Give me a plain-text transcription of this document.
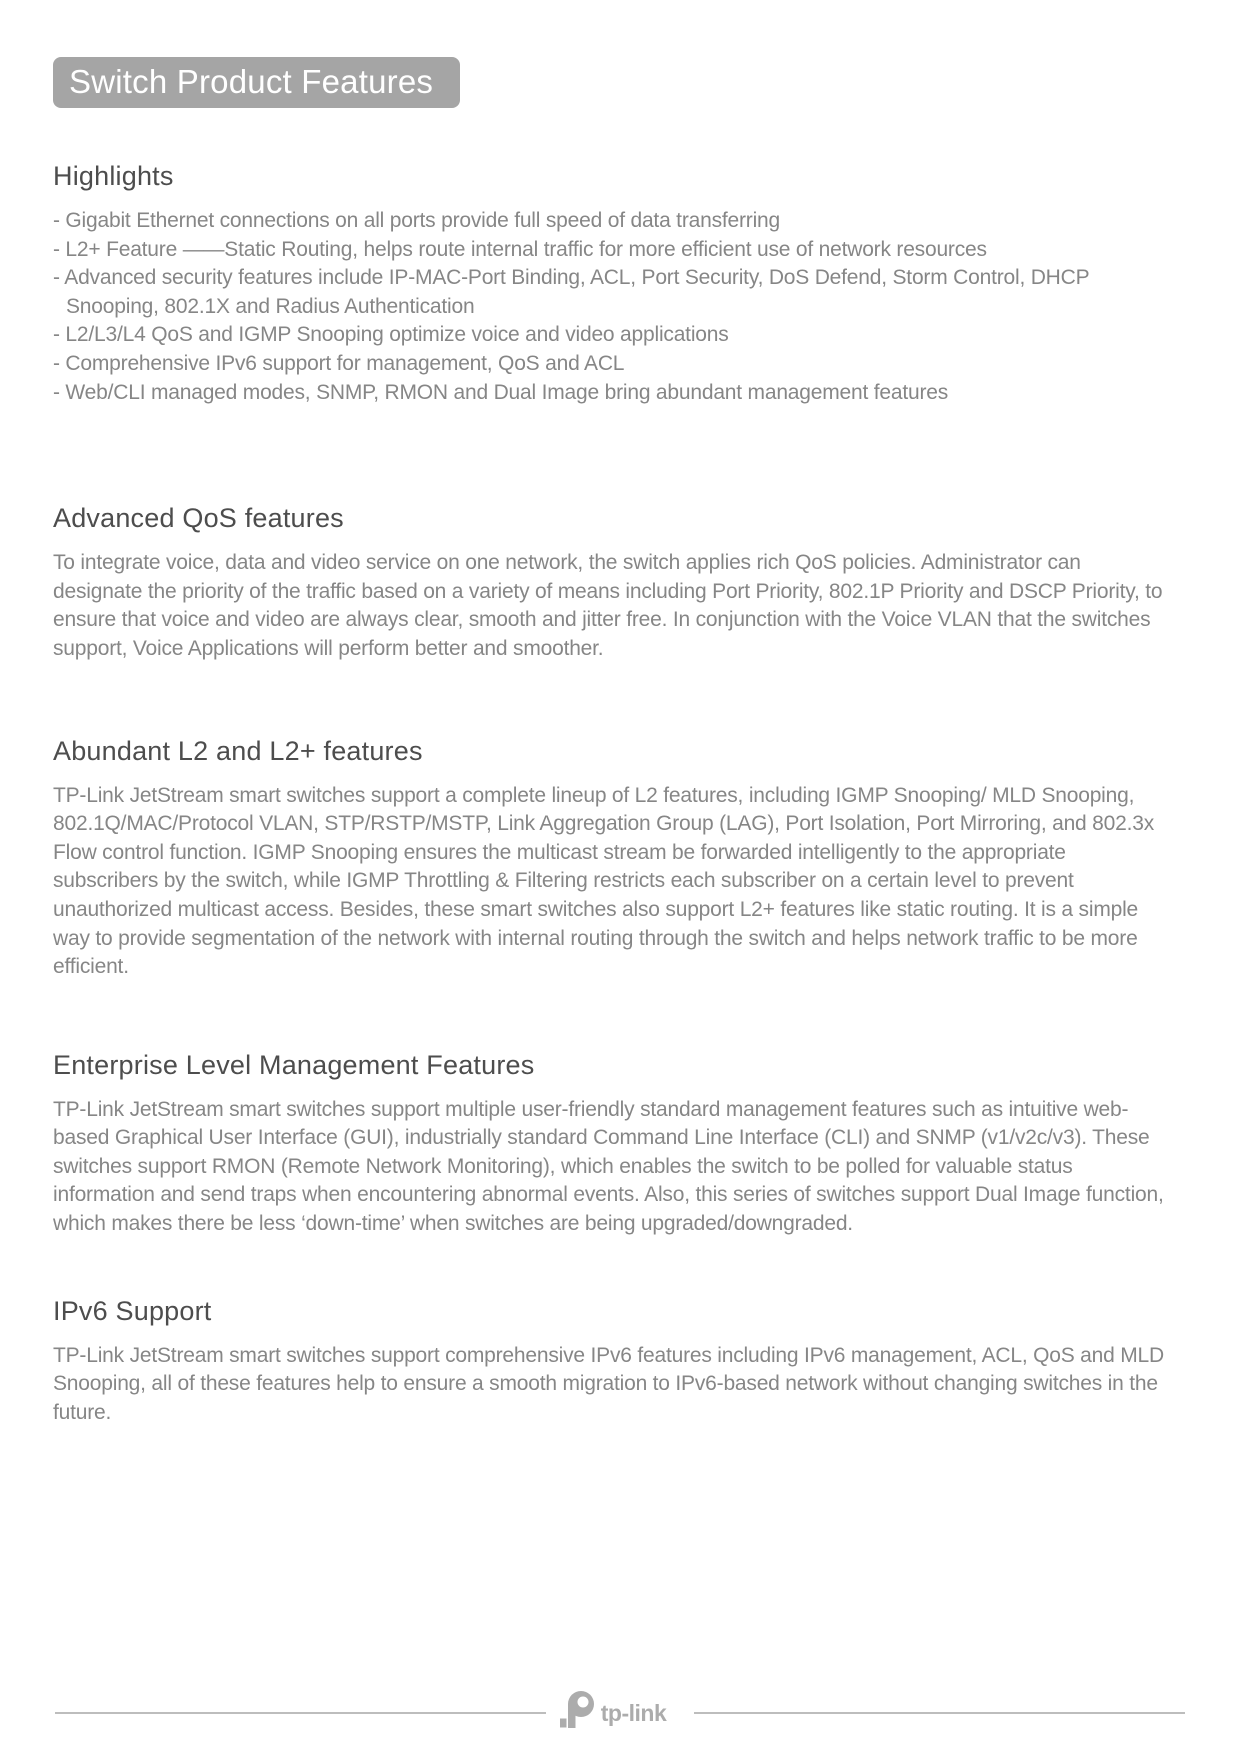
Switch Product Features
Highlights
- Gigabit Ethernet connections on all ports provide full speed of data transferring
- L2+ Feature ——Static Routing, helps route internal traffic for more efficient use of network resources
- Advanced security features include IP-MAC-Port Binding, ACL, Port Security, DoS Defend, Storm Control, DHCP Snooping, 802.1X and Radius Authentication
- L2/L3/L4 QoS and IGMP Snooping optimize voice and video applications
- Comprehensive IPv6 support for management, QoS and ACL
- Web/CLI managed modes, SNMP, RMON and Dual Image bring abundant management features
Advanced QoS features

To integrate voice, data and video service on one network, the switch applies rich QoS policies. Administrator can designate the priority of the traffic based on a variety of means including Port Priority, 802.1P Priority and DSCP Priority, to ensure that voice and video are always clear, smooth and jitter free. In conjunction with the Voice VLAN that the switches support, Voice Applications will perform better and smoother.

Abundant L2 and L2+ features

TP-Link JetStream smart switches support a complete lineup of L2 features, including IGMP Snooping/ MLD Snooping, 802.1Q/MAC/Protocol VLAN, STP/RSTP/MSTP, Link Aggregation Group (LAG), Port Isolation, Port Mirroring, and 802.3x Flow control function. IGMP Snooping ensures the multicast stream be forwarded intelligently to the appropriate subscribers by the switch, while IGMP Throttling & Filtering restricts each subscriber on a certain level to prevent unauthorized multicast access. Besides, these smart switches also support L2+ features like static routing. It is a simple way to provide segmentation of the network with internal routing through the switch and helps network traffic to be more efficient.

Enterprise Level Management Features

TP-Link JetStream smart switches support multiple user-friendly standard management features such as intuitive web-based Graphical User Interface (GUI), industrially standard Command Line Interface (CLI) and SNMP (v1/v2c/v3). These switches support RMON (Remote Network Monitoring), which enables the switch to be polled for valuable status information and send traps when encountering abnormal events. Also, this series of switches support Dual Image function, which makes there be less ‘down-time’ when switches are being upgraded/downgraded.

IPv6 Support

TP-Link JetStream smart switches support comprehensive IPv6 features including IPv6 management, ACL, QoS and MLD Snooping, all of these features help to ensure a smooth migration to IPv6-based network without changing switches in the future.

tp-link
